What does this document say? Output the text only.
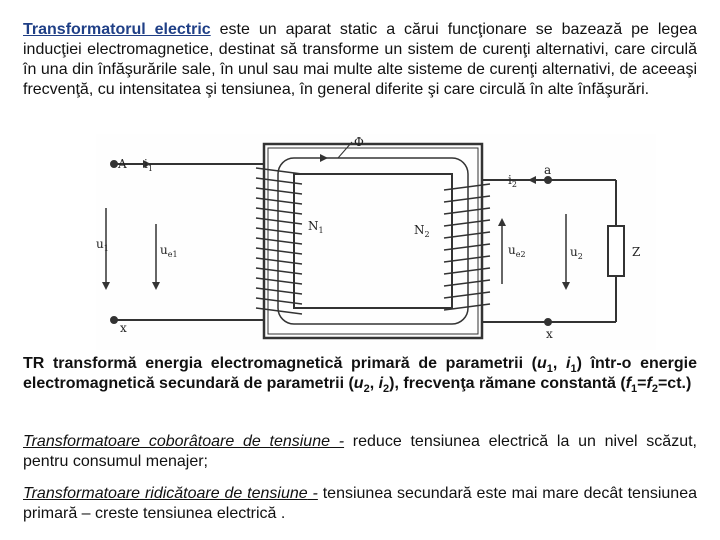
Transformatorul electric este un aparat static a cărui funcţionare se bazează pe legea inducţiei electromagnetice, destinat să transforme un sistem de curenţi alternativi, care circulă în una din înfăşurările sale, în unul sau mai multe alte sisteme de curenţi alternativi, de aceeaşi frecvenţă, cu intensitatea şi tensiunea, în general diferite şi care circulă în alte înfăşurări.

A $i_1$
Φ
$i_2$
a
$u_1$	$u_{e1}$
$N_1$	$N_2$
$u_{e2}$	$u_2$	Z
x	x

TR transformă energia electromagnetică primară de parametrii ($u_1$, $i_1$) într-o energie electromagnetică secundară de parametrii ($u_2$, $i_2$), frecvenţa rămane constantă $(f_1=f_2=ct.)$

Transformatoare coborâtoare de tensiune - reduce tensiunea electrică la un nivel scăzut, pentru consumul menajer;

Transformatoare ridicătoare de tensiune - tensiunea secundară este mai mare decât tensiunea primară – creste tensiunea electrică .
